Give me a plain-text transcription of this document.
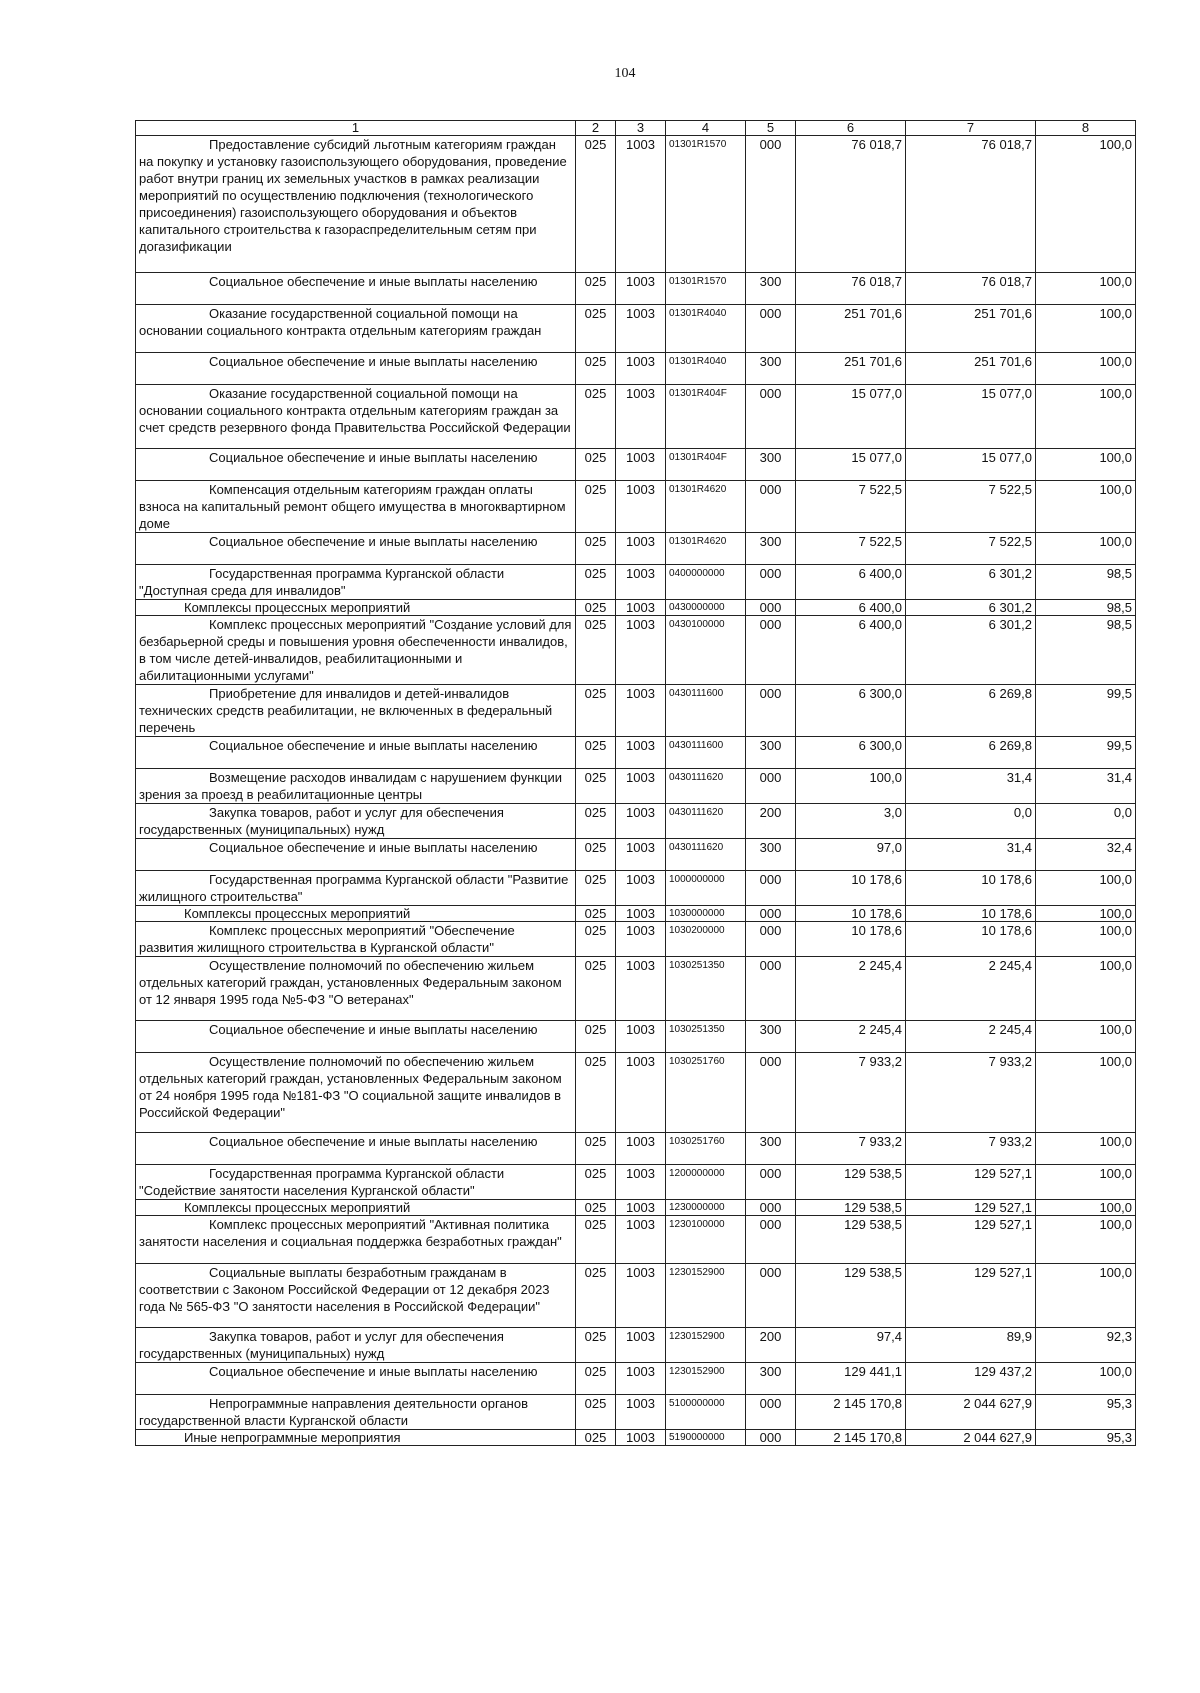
104
1	2	3	4	5	6	7	8

Предоставление субсидий льготным категориям граждан на покупку и установку газоиспользующего оборудования, проведение работ внутри границ их земельных участков в рамках реализации мероприятий по осуществлению подключения (технологического присоединения) газоиспользующего оборудования и объектов капитального строительства к газораспределительным сетям при догазификации	025	1003	01301R1570	000	76 018,7	76 018,7	100,0

Социальное обеспечение и иные выплаты населению	025	1003	01301R1570	300	76 018,7	76 018,7	100,0

Оказание государственной социальной помощи на основании социального контракта отдельным категориям граждан	025	1003	01301R4040	000	251 701,6	251 701,6	100,0

Социальное обеспечение и иные выплаты населению	025	1003	01301R4040	300	251 701,6	251 701,6	100,0

Оказание государственной социальной помощи на основании социального контракта отдельным категориям граждан за счет средств резервного фонда Правительства Российской Федерации	025	1003	01301R404F	000	15 077,0	15 077,0	100,0

Социальное обеспечение и иные выплаты населению	025	1003	01301R404F	300	15 077,0	15 077,0	100,0

Компенсация отдельным категориям граждан оплаты взноса на капитальный ремонт общего имущества в многоквартирном доме	025	1003	01301R4620	000	7 522,5	7 522,5	100,0

Социальное обеспечение и иные выплаты населению	025	1003	01301R4620	300	7 522,5	7 522,5	100,0

Государственная программа Курганской области "Доступная среда для инвалидов"	025	1003	0400000000	000	6 400,0	6 301,2	98,5

Комплексы процессных мероприятий	025	1003	0430000000	000	6 400,0	6 301,2	98,5

Комплекс процессных мероприятий "Создание условий для безбарьерной среды и повышения уровня обеспеченности инвалидов, в том числе детей-инвалидов, реабилитационными и абилитационными услугами"	025	1003	0430100000	000	6 400,0	6 301,2	98,5

Приобретение для инвалидов и детей-инвалидов технических средств реабилитации, не включенных в федеральный перечень	025	1003	0430111600	000	6 300,0	6 269,8	99,5

Социальное обеспечение и иные выплаты населению	025	1003	0430111600	300	6 300,0	6 269,8	99,5

Возмещение расходов инвалидам с нарушением функции зрения за проезд в реабилитационные центры	025	1003	0430111620	000	100,0	31,4	31,4

Закупка товаров, работ и услуг для обеспечения государственных (муниципальных) нужд	025	1003	0430111620	200	3,0	0,0	0,0

Социальное обеспечение и иные выплаты населению	025	1003	0430111620	300	97,0	31,4	32,4

Государственная программа Курганской области "Развитие жилищного строительства"	025	1003	1000000000	000	10 178,6	10 178,6	100,0

Комплексы процессных мероприятий	025	1003	1030000000	000	10 178,6	10 178,6	100,0

Комплекс процессных мероприятий "Обеспечение развития жилищного строительства в Курганской области"	025	1003	1030200000	000	10 178,6	10 178,6	100,0

Осуществление полномочий по обеспечению жильем отдельных категорий граждан, установленных Федеральным законом от 12 января 1995 года №5-ФЗ "О ветеранах"	025	1003	1030251350	000	2 245,4	2 245,4	100,0

Социальное обеспечение и иные выплаты населению	025	1003	1030251350	300	2 245,4	2 245,4	100,0

Осуществление полномочий по обеспечению жильем отдельных категорий граждан, установленных Федеральным законом от 24 ноября 1995 года №181-ФЗ "О социальной защите инвалидов в Российской Федерации"	025	1003	1030251760	000	7 933,2	7 933,2	100,0

Социальное обеспечение и иные выплаты населению	025	1003	1030251760	300	7 933,2	7 933,2	100,0

Государственная программа Курганской области "Содействие занятости населения Курганской области"	025	1003	1200000000	000	129 538,5	129 527,1	100,0

Комплексы процессных мероприятий	025	1003	1230000000	000	129 538,5	129 527,1	100,0

Комплекс процессных мероприятий "Активная политика занятости населения и социальная поддержка безработных граждан"	025	1003	1230100000	000	129 538,5	129 527,1	100,0

Социальные выплаты безработным гражданам в соответствии с Законом Российской Федерации от 12 декабря 2023 года № 565-ФЗ "О занятости населения в Российской Федерации"	025	1003	1230152900	000	129 538,5	129 527,1	100,0

Закупка товаров, работ и услуг для обеспечения государственных (муниципальных) нужд	025	1003	1230152900	200	97,4	89,9	92,3

Социальное обеспечение и иные выплаты населению	025	1003	1230152900	300	129 441,1	129 437,2	100,0

Непрограммные направления деятельности органов государственной власти Курганской области	025	1003	5100000000	000	2 145 170,8	2 044 627,9	95,3

Иные непрограммные мероприятия	025	1003	5190000000	000	2 145 170,8	2 044 627,9	95,3
